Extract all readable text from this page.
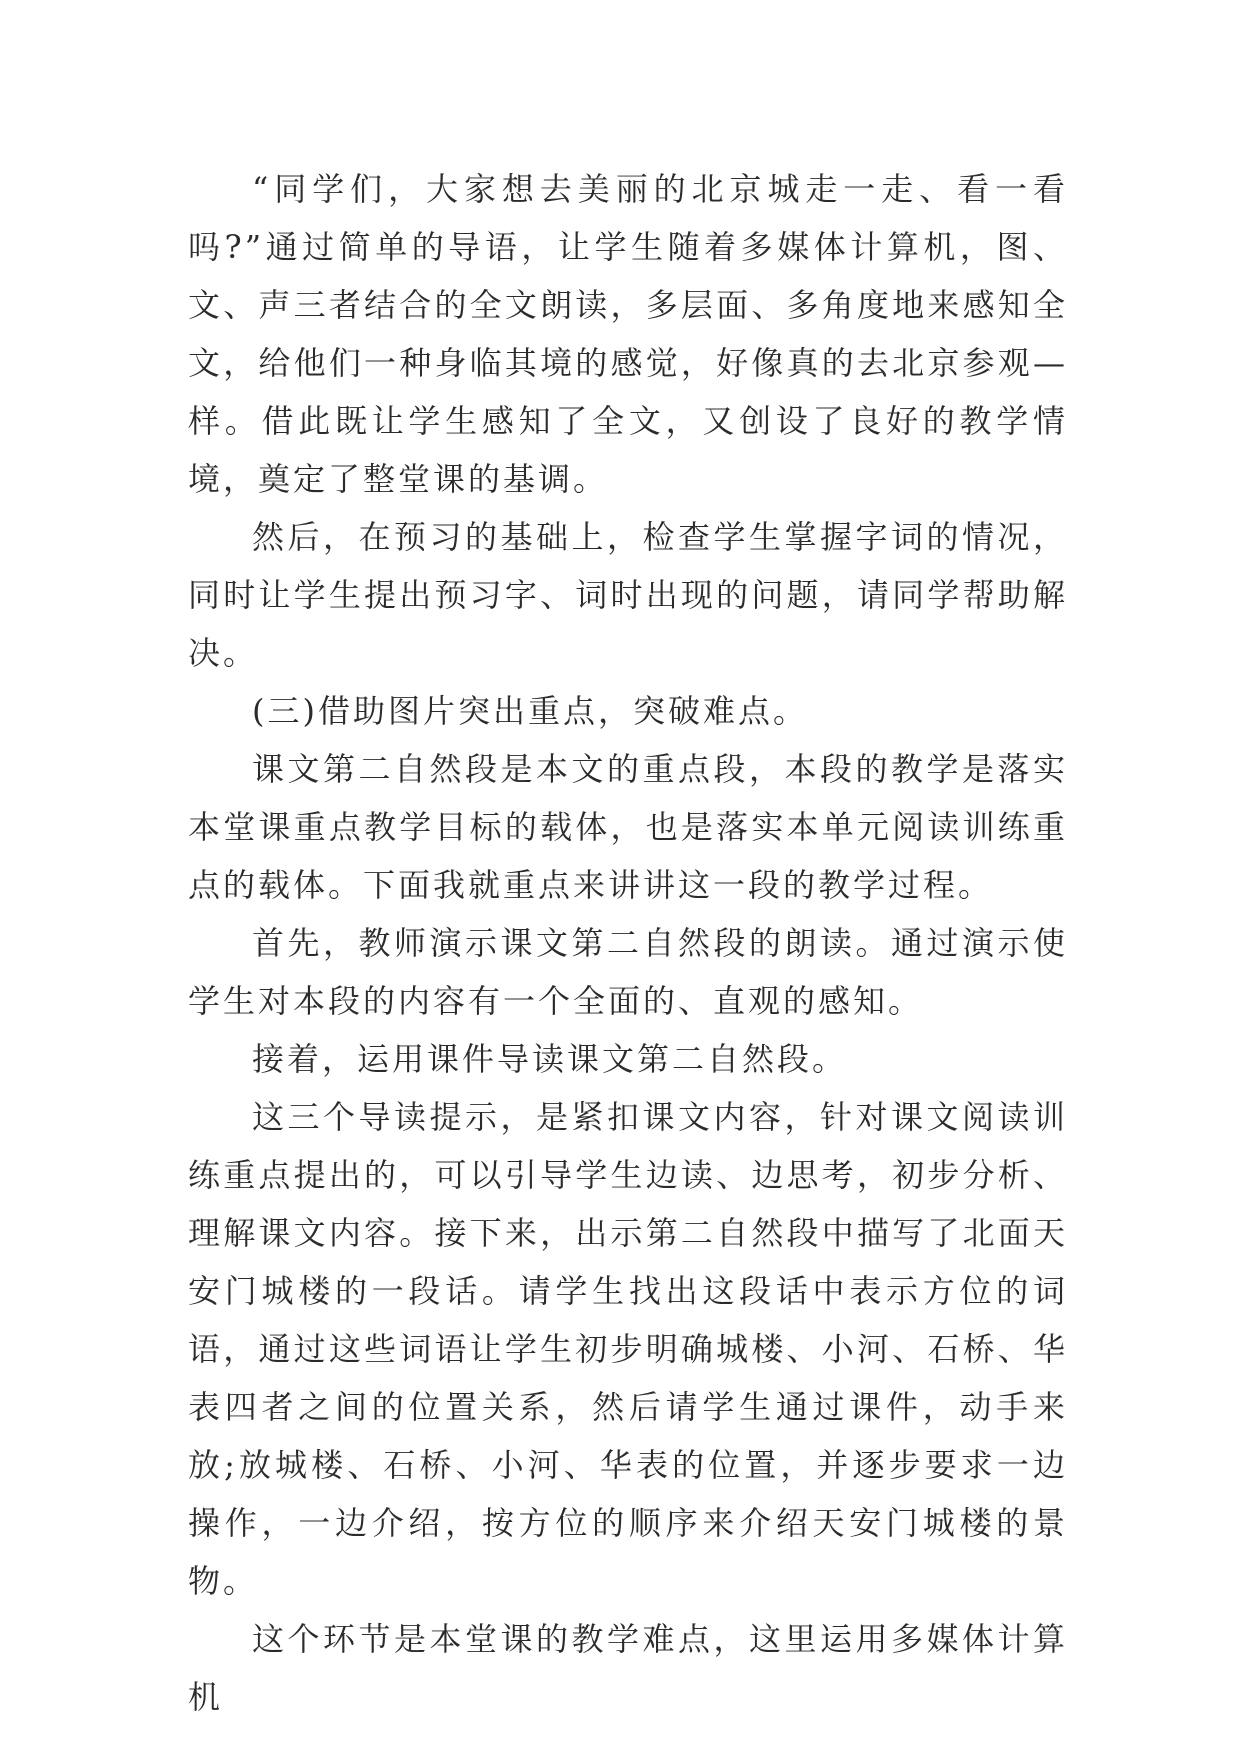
“同学们，大家想去美丽的北京城走一走、看一看吗?”通过简单的导语，让学生随着多媒体计算机，图、文、声三者结合的全文朗读，多层面、多角度地来感知全文，给他们一种身临其境的感觉，好像真的去北京参观—样。借此既让学生感知了全文，又创设了良好的教学情境，奠定了整堂课的基调。

然后，在预习的基础上，检查学生掌握字词的情况，同时让学生提出预习字、词时出现的问题，请同学帮助解决。

(三)借助图片突出重点，突破难点。

课文第二自然段是本文的重点段，本段的教学是落实本堂课重点教学目标的载体，也是落实本单元阅读训练重点的载体。下面我就重点来讲讲这一段的教学过程。

首先，教师演示课文第二自然段的朗读。通过演示使学生对本段的内容有一个全面的、直观的感知。

接着，运用课件导读课文第二自然段。

这三个导读提示，是紧扣课文内容，针对课文阅读训练重点提出的，可以引导学生边读、边思考，初步分析、理解课文内容。接下来，出示第二自然段中描写了北面天安门城楼的一段话。请学生找出这段话中表示方位的词语，通过这些词语让学生初步明确城楼、小河、石桥、华表四者之间的位置关系，然后请学生通过课件，动手来放;放城楼、石桥、小河、华表的位置，并逐步要求一边操作，一边介绍，按方位的顺序来介绍天安门城楼的景物。

这个环节是本堂课的教学难点，这里运用多媒体计算机
